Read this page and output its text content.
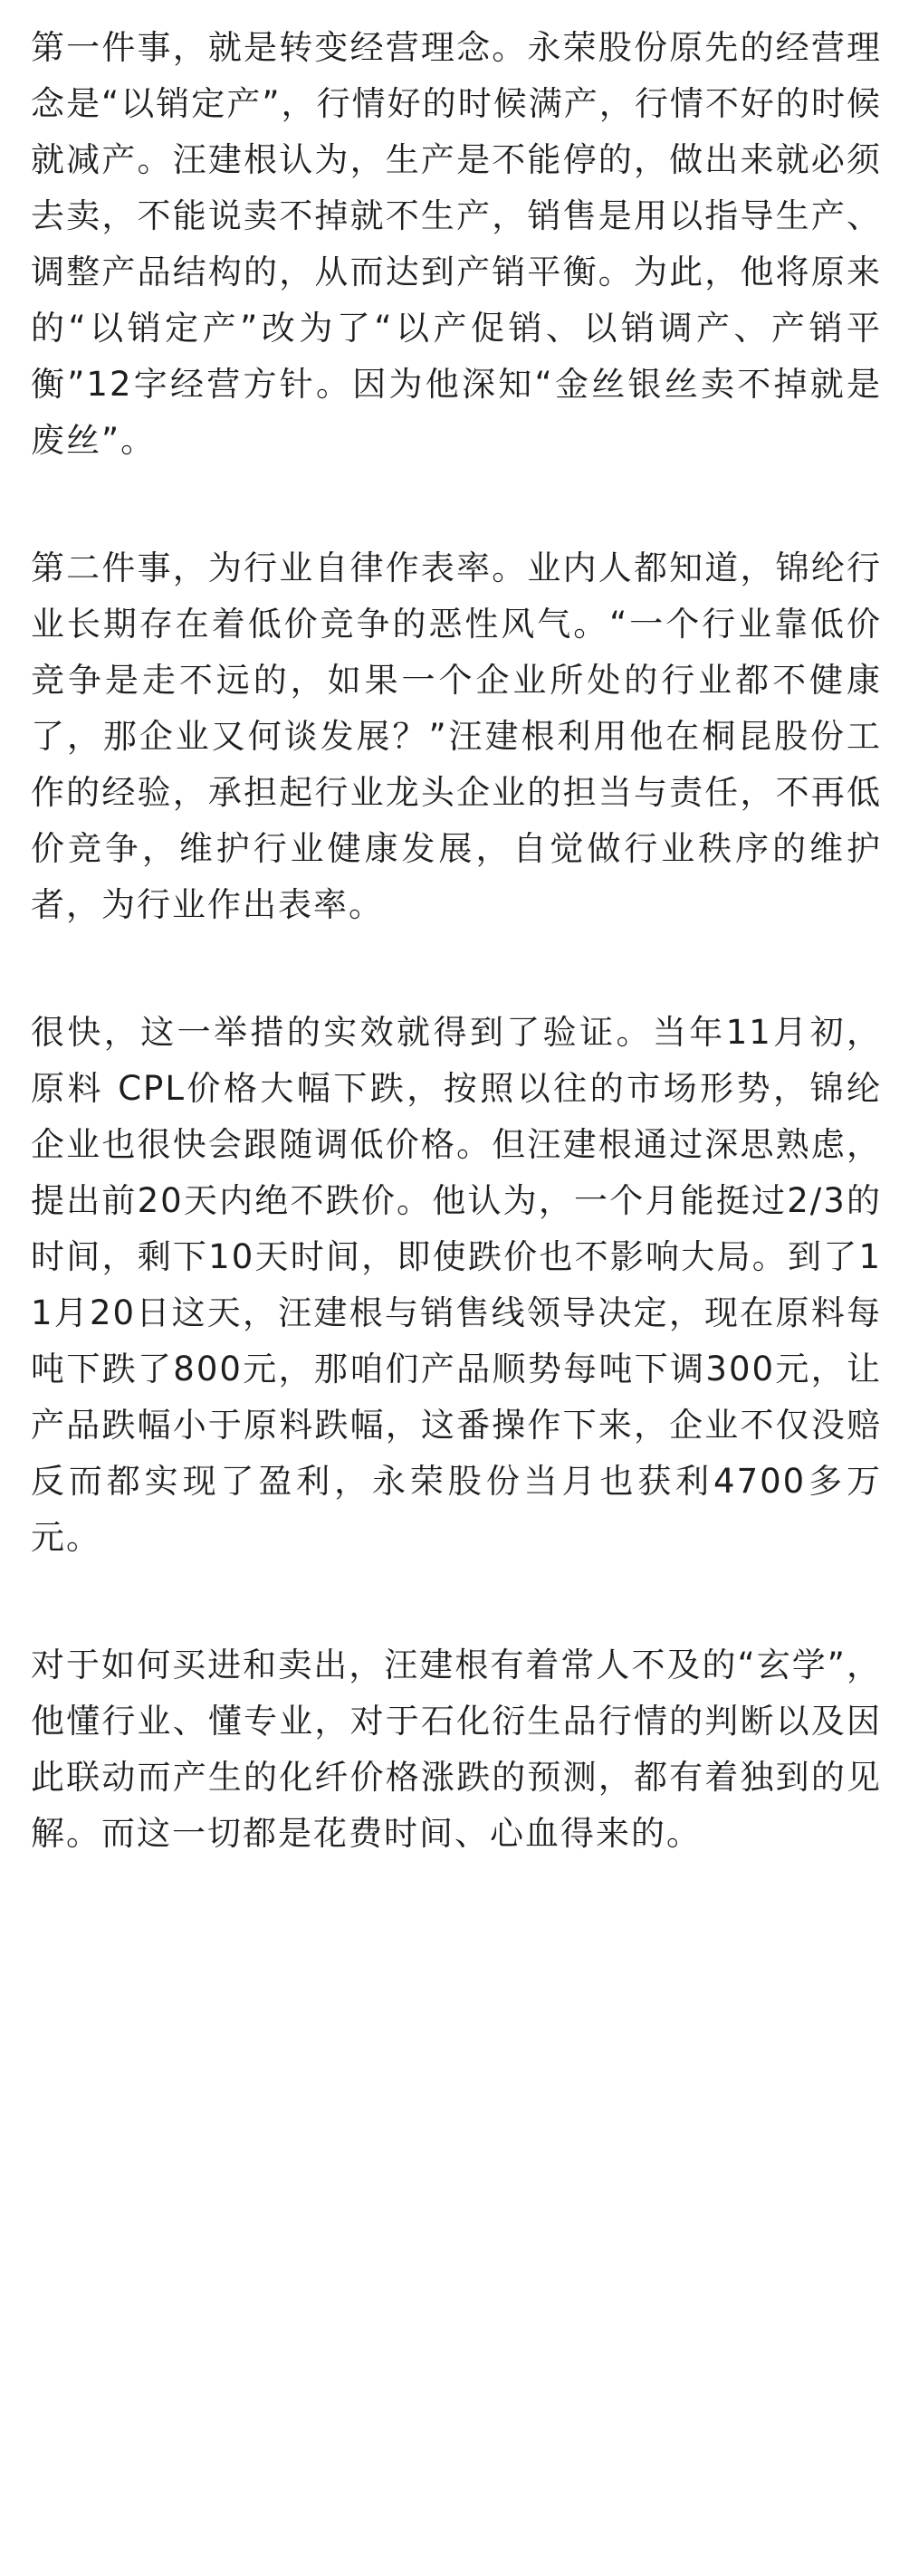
第一件事，就是转变经营理念。永荣股份原先的经营理念是“以销定产”，行情好的时候满产，行情不好的时候就减产。汪建根认为，生产是不能停的，做出来就必须去卖，不能说卖不掉就不生产，销售是用以指导生产、调整产品结构的，从而达到产销平衡。为此，他将原来的“以销定产”改为了“以产促销、以销调产、产销平衡”12字经营方针。因为他深知“金丝银丝卖不掉就是废丝”。

第二件事，为行业自律作表率。业内人都知道，锦纶行业长期存在着低价竞争的恶性风气。“一个行业靠低价竞争是走不远的，如果一个企业所处的行业都不健康了，那企业又何谈发展？”汪建根利用他在桐昆股份工作的经验，承担起行业龙头企业的担当与责任，不再低价竞争，维护行业健康发展，自觉做行业秩序的维护者，为行业作出表率。

很快，这一举措的实效就得到了验证。当年11月初，原料 CPL价格大幅下跌，按照以往的市场形势，锦纶企业也很快会跟随调低价格。但汪建根通过深思熟虑，提出前20天内绝不跌价。他认为，一个月能挺过2/3的时间，剩下10天时间，即使跌价也不影响大局。到了11月20日这天，汪建根与销售线领导决定，现在原料每吨下跌了800元，那咱们产品顺势每吨下调300元，让产品跌幅小于原料跌幅，这番操作下来，企业不仅没赔反而都实现了盈利，永荣股份当月也获利4700多万元。

对于如何买进和卖出，汪建根有着常人不及的“玄学”，他懂行业、懂专业，对于石化衍生品行情的判断以及因此联动而产生的化纤价格涨跌的预测，都有着独到的见解。而这一切都是花费时间、心血得来的。
